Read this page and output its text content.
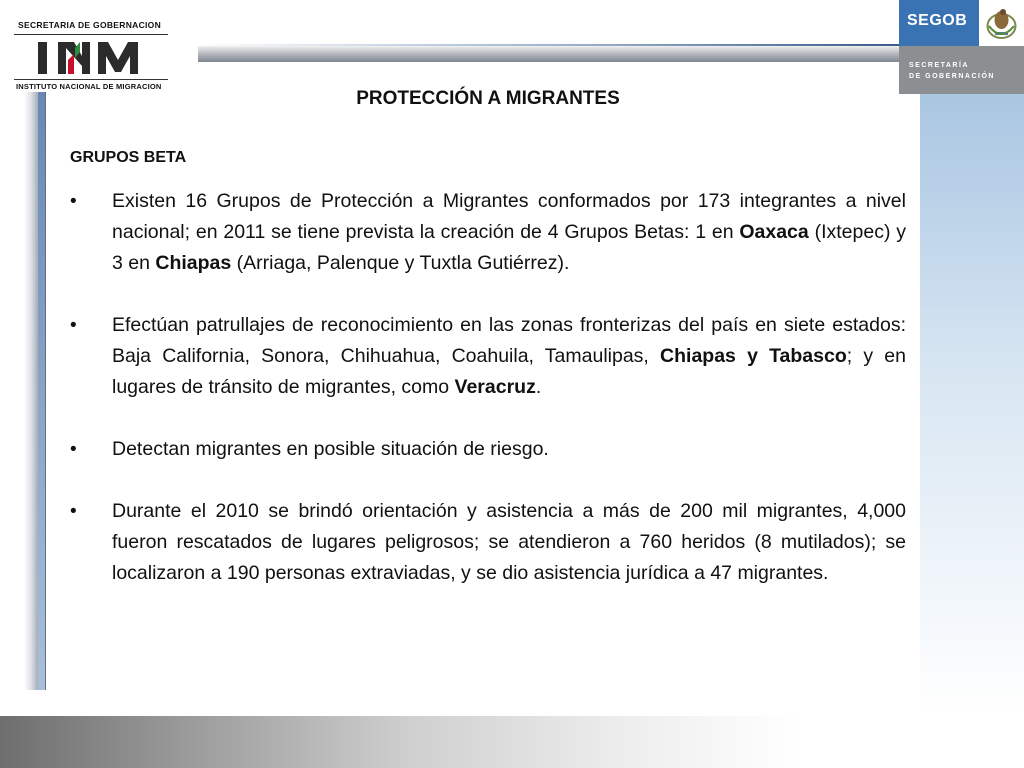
SECRETARIA DE GOBERNACION
INSTITUTO NACIONAL DE MIGRACION
SEGOB
SECRETARÍA
DE GOBERNACIÓN
PROTECCIÓN A MIGRANTES
GRUPOS BETA
• Existen 16 Grupos de Protección a Migrantes conformados por 173 integrantes a nivel nacional; en 2011 se tiene prevista la creación de 4 Grupos Betas: 1 en Oaxaca (Ixtepec) y 3 en Chiapas (Arriaga, Palenque y Tuxtla Gutiérrez).
• Efectúan patrullajes de reconocimiento en las zonas fronterizas del país en siete estados: Baja California, Sonora, Chihuahua, Coahuila, Tamaulipas, Chiapas y Tabasco; y en lugares de tránsito de migrantes, como Veracruz.
• Detectan migrantes en posible situación de riesgo.
• Durante el 2010 se brindó orientación y asistencia a más de 200 mil migrantes, 4,000 fueron rescatados de lugares peligrosos; se atendieron a 760 heridos (8 mutilados); se localizaron a 190 personas extraviadas, y se dio asistencia jurídica a 47 migrantes.
